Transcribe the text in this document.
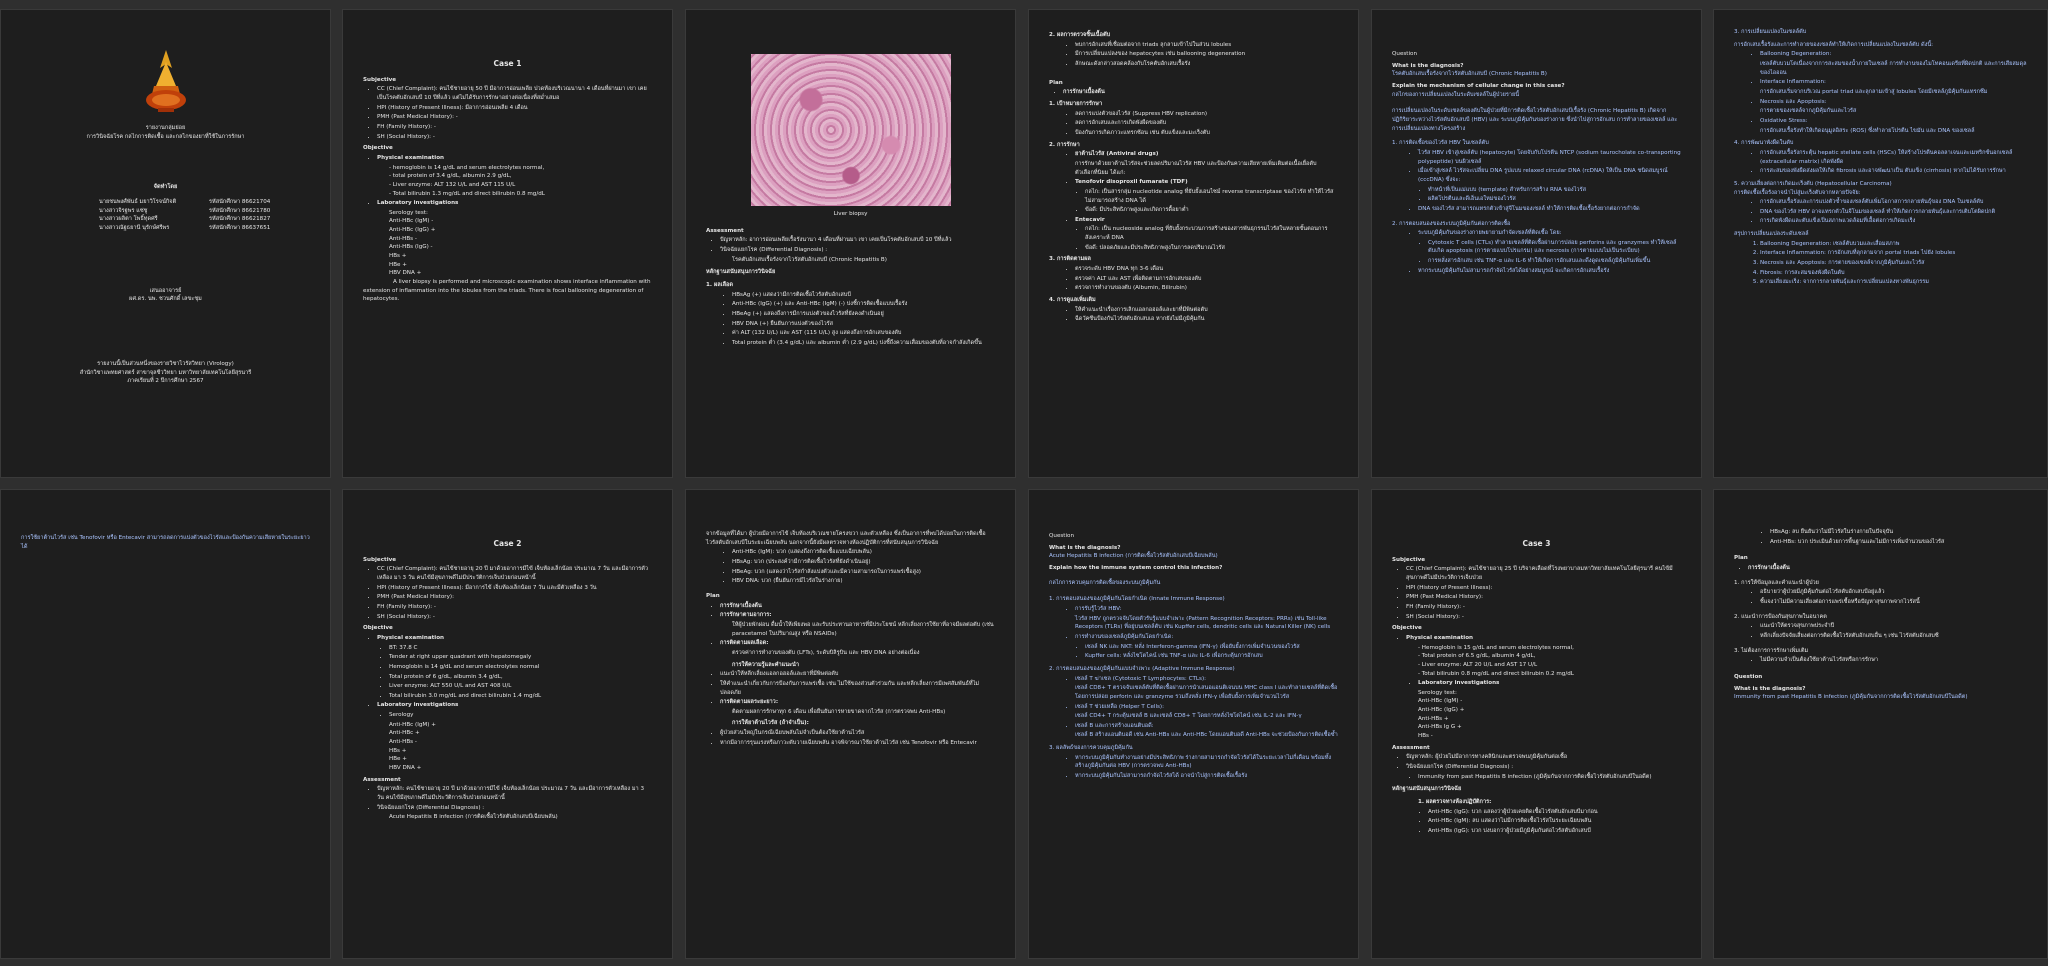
รายงานกลุ่มย่อย
การวินิจฉัยโรค กลไกการติดเชื้อ และกลไกของยาที่ใช้ในการรักษา
จัดทำโดย
นายชนพงศ์พันธ์ มยาวิโรจน์กิจติ	รหัสนักศึกษา 86621704
นางสาวจิรฐพร แซ่ชู	รหัสนักศึกษา 86621780
นางสาวผลิตา โพธิ์ทุดศรี	รหัสนักศึกษา 86621827
นางสาวณัฐธยานี นุรักษ์ศรีพร	รหัสนักศึกษา 86637651
เสนออาจารย์
ผศ.ดร. นพ. ชวนศักดิ์ เลขะชุม
รายงานนี้เป็นส่วนหนึ่งของรายวิชาไวรัสวิทยา (Virology)
สำนักวิชาแพทยศาสตร์ สาขาจุลชีววิทยา มหาวิทยาลัยเทคโนโลยีสุรนารี
ภาคเรียนที่ 2 ปีการศึกษา 2567
Case 1
Subjective
• CC (Chief Complaint): คนไข้ชายอายุ 50 ปี มีอาการอ่อนเพลีย ปวดท้องบริเวณนานา 4 เดือนที่ผ่านมา เขา เคยเป็นโรคตับอักเสบบี 10 ปีที่แล้ว แต่ไม่ได้รับการรักษาอย่างต่อเนื่องที่สม่ำเสมอ
• HPI (History of Present Illness): มีอาการอ่อนเพลีย 4 เดือน
• PMH (Past Medical History): -
• FH (Family History): -
• SH (Social History): -
Objective
• Physical examination
- hemoglobin is 14 g/dL and serum electrolytes normal,
- total protein of 3.4 g/dL, albumin 2.9 g/dL,
- Liver enzyme: ALT 132 U/L and AST 115 U/L
- Total bilirubin 1.3 mg/dL and direct bilirubin 0.8 mg/dL
• Laboratory investigations
Serology test:
Anti-HBc (IgM) -
Anti-HBc (IgG) +
Anti-HBs -
Anti-HBs (IgG) -
HBs +
HBe +
HBV DNA +
A liver biopsy is performed and microscopic examination shows interface inflammation with extension of inflammation into the lobules from the triads. There is focal ballooning degeneration of hepatocytes.
Liver biopsy
Assessment
• ปัญหาหลัก: อาการอ่อนเพลียเรื้อรังนานา 4 เดือนที่ผ่านมา เขา เคยเป็นโรคตับอักเสบบี 10 ปีที่แล้ว
• วินิจฉัยแยกโรค (Differential Diagnosis) :
โรคตับอักเสบเรื้อรังจากไวรัสตับอักเสบบี (Chronic Hepatitis B)
หลักฐานสนับสนุนการวินิจฉัย
1. ผลเลือด
• HBsAg (+) แสดงว่ามีการติดเชื้อไวรัสตับอักเสบบี
• Anti-HBc (IgG) (+) และ Anti-HBc (IgM) (-) บ่งชี้การติดเชื้อแบบเรื้อรัง
• HBeAg (+) แสดงถึงการมีการแบ่งตัวของไวรัสที่ยังคงดำเนินอยู่
• HBV DNA (+) ยืนยันการแบ่งตัวของไวรัส
• ค่า ALT (132 U/L) และ AST (115 U/L) สูง แสดงถึงการอักเสบของตับ
• Total protein ต่ำ (3.4 g/dL) และ albumin ต่ำ (2.9 g/dL) บ่งชี้ถึงความเสื่อมของตับที่อาจกำลังเกิดขึ้น
2. ผลการตรวจชิ้นเนื้อตับ
• พบการอักเสบที่เชื่อมต่อจาก triads ลุกลามเข้าไปในส่วน lobules
• มีการเปลี่ยนแปลงของ hepatocytes เช่น ballooning degeneration
• ลักษณะดังกล่าวสอดคล้องกับโรคตับอักเสบเรื้อรัง
Plan
• การรักษาเบื้องต้น
1. เป้าหมายการรักษา
• ลดการแบ่งตัวของไวรัส (Suppress HBV replication)
• ลดการอักเสบและการเกิดพังผืดของตับ
• ป้องกันการเกิดภาวะแทรกซ้อน เช่น ตับแข็งและมะเร็งตับ
2. การรักษา
• ยาต้านไวรัส (Antiviral drugs)
การรักษาด้วยยาต้านไวรัสจะช่วยลดปริมาณไวรัส HBV และป้องกันความเสียหายเพิ่มเติมต่อเนื้อเยื่อตับ
ตัวเลือกที่นิยม ได้แก่:
• Tenofovir disoproxil fumarate (TDF)
• กลไก: เป็นสารกลุ่ม nucleotide analog ที่ยับยั้งเอนไซม์ reverse transcriptase ของไวรัส ทำให้ไวรัสไม่สามารถสร้าง DNA ได้
• ข้อดี: มีประสิทธิภาพสูงและเกิดการดื้อยาต่ำ
• Entecavir
• กลไก: เป็น nucleoside analog ที่ยับยั้งกระบวนการสร้างของสารพันธุกรรมไวรัสในหลายขั้นตอนการสังเคราะห์ DNA
• ข้อดี: ปลอดภัยและมีประสิทธิภาพสูงในการลดปริมาณไวรัส
3. การติดตามผล
• ตรวจระดับ HBV DNA ทุก 3-6 เดือน
• ตรวจค่า ALT และ AST เพื่อติดตามการอักเสบของตับ
• ตรวจการทำงานของตับ (Albumin, Bilirubin)
4. การดูแลเพิ่มเติม
• ให้คำแนะนำเรื่องการเลิกแอลกอฮอล์และยาที่มีพิษต่อตับ
• ฉีดวัคซีนป้องกันไวรัสตับอักเสบเอ หากยังไม่มีภูมิคุ้มกัน
Question
What is the diagnosis?
โรคตับอักเสบเรื้อรังจากไวรัสตับอักเสบบี (Chronic Hepatitis B)
Explain the mechanism of cellular change in this case?
กลไกของการเปลี่ยนแปลงในระดับเซลล์ในผู้ป่วยรายนี้
การเปลี่ยนแปลงในระดับเซลล์ของตับในผู้ป่วยที่มีการติดเชื้อไวรัสตับอักเสบบีเรื้อรัง (Chronic Hepatitis B) เกิดจากปฏิกิริยาระหว่างไวรัสตับอักเสบบี (HBV) และ ระบบภูมิคุ้มกันของร่างกาย ซึ่งนำไปสู่การอักเสบ การทำลายของเซลล์ และการเปลี่ยนแปลงทางโครงสร้าง
1. การติดเชื้อของไวรัส HBV ในเซลล์ตับ
• ไวรัส HBV เข้าสู่เซลล์ตับ (hepatocyte) โดยจับกับโปรตีน NTCP (sodium taurocholate co-transporting polypeptide) บนผิวเซลล์
• เมื่อเข้าสู่เซลล์ ไวรัสจะเปลี่ยน DNA รูปแบบ relaxed circular DNA (rcDNA) ให้เป็น DNA ชนิดสมบูรณ์ (cccDNA) ซึ่งจะ:
• ทำหน้าที่เป็นแม่แบบ (template) สำหรับการสร้าง RNA ของไวรัส
• ผลิตโปรตีนและดีเอ็นเอใหม่ของไวรัส
• DNA ของไวรัส สามารถแทรกตัวเข้าสู่จีโนมของเซลล์ ทำให้การติดเชื้อเรื้อรังยากต่อการกำจัด
2. การตอบสนองของระบบภูมิคุ้มกันต่อการติดเชื้อ
• ระบบภูมิคุ้มกันของร่างกายพยายามกำจัดเซลล์ที่ติดเชื้อ โดย:
• Cytotoxic T cells (CTLs) ทำลายเซลล์ที่ติดเชื้อผ่านการปล่อย perforins และ granzymes ทำให้เซลล์ตับเกิด apoptosis (การตายแบบโปรแกรม) และ necrosis (การตายแบบไม่เป็นระเบียบ)
• การหลั่งสารอักเสบ เช่น TNF-α และ IL-6 ทำให้เกิดการอักเสบและดึงดูดเซลล์ภูมิคุ้มกันเพิ่มขึ้น
• หากระบบภูมิคุ้มกันไม่สามารถกำจัดไวรัสได้อย่างสมบูรณ์ จะเกิดการอักเสบเรื้อรัง
3. การเปลี่ยนแปลงในเซลล์ตับ
การอักเสบเรื้อรังและการทำลายของเซลล์ทำให้เกิดการเปลี่ยนแปลงในเซลล์ตับ ดังนี้:
• Ballooning Degeneration:
เซลล์ตับบวมโตเนื่องจากการสะสมของน้ำภายในเซลล์ การทำงานของไมโทคอนเดรียที่ผิดปกติ และการเสียสมดุลของไอออน
• Interface Inflammation:
การอักเสบเริ่มจากบริเวณ portal triad และลุกลามเข้าสู่ lobules โดยมีเซลล์ภูมิคุ้มกันแทรกซึม
• Necrosis และ Apoptosis:
การตายของเซลล์จากภูมิคุ้มกันและไวรัส
• Oxidative Stress:
การอักเสบเรื้อรังทำให้เกิดอนุมูลอิสระ (ROS) ซึ่งทำลายโปรตีน ไขมัน และ DNA ของเซลล์
4. การพัฒนาพังผืดในตับ
• การอักเสบเรื้อรังกระตุ้น hepatic stellate cells (HSCs) ให้สร้างโปรตีนคอลลาเจนและเมทริกซ์นอกเซลล์ (extracellular matrix) เกิดพังผืด
• การสะสมของพังผืดส่งผลให้เกิด fibrosis และอาจพัฒนาเป็น ตับแข็ง (cirrhosis) หากไม่ได้รับการรักษา
5. ความเสี่ยงต่อการเกิดมะเร็งตับ (Hepatocellular Carcinoma)
การติดเชื้อเรื้อรังอาจนำไปสู่มะเร็งตับจากหลายปัจจัย:
• การอักเสบเรื้อรังและการแบ่งตัวซ้ำของเซลล์ตับเพิ่มโอกาสการกลายพันธุ์ของ DNA ในเซลล์ตับ
• DNA ของไวรัส HBV อาจแทรกตัวในจีโนมของเซลล์ ทำให้เกิดการกลายพันธุ์และการเติบโตผิดปกติ
• การเกิดพังผืดและตับแข็งเป็นสภาพแวดล้อมที่เอื้อต่อการเกิดมะเร็ง
สรุปการเปลี่ยนแปลงระดับเซลล์
1. Ballooning Degeneration: เซลล์ตับบวมและเสื่อมสภาพ
2. Interface Inflammation: การอักเสบที่ลุกลามจาก portal triads ไปยัง lobules
3. Necrosis และ Apoptosis: การตายของเซลล์จากภูมิคุ้มกันและไวรัส
4. Fibrosis: การสะสมของพังผืดในตับ
5. ความเสี่ยงมะเร็ง: จากการกลายพันธุ์และการเปลี่ยนแปลงทางพันธุกรรม
การใช้ยาต้านไวรัส เช่น Tenofovir หรือ Entecavir สามารถลดการแบ่งตัวของไวรัสและป้องกันความเสียหายในระยะยาวได้	Case 2
Subjective
• CC (Chief Complaint): คนไข้ชายอายุ 20 ปี มาด้วยอาการมีไข้ เจ็บท้องเล็กน้อย ประมาณ 7 วัน และมีอาการตัวเหลือง มา 3 วัน คนไข้มีสุขภาพดีไม่มีประวัติการเจ็บป่วยก่อนหน้านี้
• HPI (History of Present Illness): มีอาการไข้ เจ็บท้องเล็กน้อย 7 วัน และมีตัวเหลือง 3 วัน
• PMH (Past Medical History):
• FH (Family History): -
• SH (Social History): -
Objective
• Physical examination
• BT: 37.8 C
• Tender at right upper quadrant with hepatomegaly
• Hemoglobin is 14 g/dL and serum electrolytes normal
• Total protein of 6 g/dL, albumin 3.4 g/dL,
• Liver enzyme: ALT 550 U/L and AST 408 U/L
• Total bilirubin 3.0 mg/dL and direct bilirubin 1.4 mg/dL
• Laboratory investigations
• Serology
Anti-HBc (IgM) +
Anti-HBc +
Anti-HBs -
HBs +
HBe +
HBV DNA +
Assessment
• ปัญหาหลัก: คนไข้ชายอายุ 20 ปี มาด้วยอาการมีไข้ เจ็บท้องเล็กน้อย ประมาณ 7 วัน และมีอาการตัวเหลือง มา 3 วัน คนไข้มีสุขภาพดีไม่มีประวัติการเจ็บป่วยก่อนหน้านี้
• วินิจฉัยแยกโรค (Differential Diagnosis) :
Acute Hepatitis B infection (การติดเชื้อไวรัสตับอักเสบบีเฉียบพลัน)
จากข้อมูลที่ได้มา ผู้ป่วยมีอาการไข้ เจ็บท้องบริเวณชายโครงขวา และตัวเหลือง ซึ่งเป็นอาการที่พบได้บ่อยในการติดเชื้อไวรัสตับอักเสบบีในระยะเฉียบพลัน นอกจากนี้ยังมีผลตรวจทางห้องปฏิบัติการที่สนับสนุนการวินิจฉัย
• Anti-HBc (IgM): บวก (แสดงถึงการติดเชื้อแบบเฉียบพลัน)
• HBsAg: บวก (ประสงค์ว่ามีการติดเชื้อไวรัสที่ยังดำเนินอยู่)
• HBeAg: บวก (แสดงว่าไวรัสกำลังแบ่งตัวและมีความสามารถในการแพร่เชื้อสูง)
• HBV DNA: บวก (ยืนยันการมีไวรัสในร่างกาย)
Plan
• การรักษาเบื้องต้น
• การรักษาตามอาการ:
ให้ผู้ป่วยพักผ่อน ดื่มน้ำให้เพียงพอ และรับประทานอาหารที่มีประโยชน์ หลีกเลี่ยงการใช้ยาที่อาจมีผลต่อตับ (เช่น paracetamol ในปริมาณสูง หรือ NSAIDs)
• การติดตามผลเลือด:
ตรวจค่าการทำงานของตับ (LFTs), ระดับบิลิรูบิน และ HBV DNA อย่างต่อเนื่อง
การให้ความรู้และคำแนะนำ
• แนะนำให้หลีกเลี่ยงแอลกอฮอล์และยาที่มีพิษต่อตับ
• ให้คำแนะนำเกี่ยวกับการป้องกันการแพร่เชื้อ เช่น ไม่ใช้ของส่วนตัวร่วมกัน และหลีกเลี่ยงการมีเพศสัมพันธ์ที่ไม่ปลอดภัย
• การติดตามผลระยะยาว:
ติดตามผลการรักษาทุก 6 เดือน เพื่อยืนยันการหายขาดจากไวรัส (การตรวจพบ Anti-HBs)
การให้ยาต้านไวรัส (ถ้าจำเป็น):
• ผู้ป่วยส่วนใหญ่ในกรณีเฉียบพลันไม่จำเป็นต้องใช้ยาต้านไวรัส
• หากมีอาการรุนแรงหรือภาวะตับวายเฉียบพลัน อาจพิจารณาใช้ยาต้านไวรัส เช่น Tenofovir หรือ Entecavir
Question
What is the diagnosis?
Acute Hepatitis B infection (การติดเชื้อไวรัสตับอักเสบบีเฉียบพลัน)
Explain how the immune system control this infection?
กลไกการควบคุมการติดเชื้อของระบบภูมิคุ้มกัน
1. การตอบสนองของภูมิคุ้มกันโดยกำเนิด (Innate Immune Response)
• การรับรู้ไวรัส HBV:
ไวรัส HBV ถูกตรวจจับโดยตัวรับรู้แบบจำเพาะ (Pattern Recognition Receptors: PRRs) เช่น Toll-like Receptors (TLRs) ที่อยู่บนเซลล์ตับ เช่น Kupffer cells, dendritic cells และ Natural Killer (NK) cells
• การทำงานของเซลล์ภูมิคุ้มกันโดยกำเนิด:
• เซลล์ NK และ NKT: หลั่ง Interferon-gamma (IFN-γ) เพื่อยับยั้งการเพิ่มจำนวนของไวรัส
• Kupffer cells: หลั่งไซโตไคน์ เช่น TNF-α และ IL-6 เพื่อกระตุ้นการอักเสบ
2. การตอบสนองของภูมิคุ้มกันแบบจำเพาะ (Adaptive Immune Response)
• เซลล์ T ฆ่าเซล (Cytotoxic T Lymphocytes: CTLs):
เซลล์ CD8+ T ตรวจจับเซลล์ตับที่ติดเชื้อผ่านการนำเสนอแอนติเจนบน MHC class I และทำลายเซลล์ที่ติดเชื้อโดยการปล่อย perforin และ granzyme รวมถึงหลั่ง IFN-γ เพื่อยับยั้งการเพิ่มจำนวนไวรัส
• เซลล์ T ช่วยเหลือ (Helper T Cells):
เซลล์ CD4+ T กระตุ้นเซลล์ B และเซลล์ CD8+ T โดยการหลั่งไซโตไคน์ เช่น IL-2 และ IFN-γ
• เซลล์ B และการสร้างแอนติบอดี:
เซลล์ B สร้างแอนติบอดี เช่น Anti-HBs และ Anti-HBc โดยแอนติบอดี Anti-HBs จะช่วยป้องกันการติดเชื้อซ้ำ
3. ผลลัพธ์ของการควบคุมภูมิคุ้มกัน
• หากระบบภูมิคุ้มกันทำงานอย่างมีประสิทธิภาพ ร่างกายสามารถกำจัดไวรัสได้ในระยะเวลาไม่กี่เดือน พร้อมทั้งสร้างภูมิคุ้มกันต่อ HBV (การตรวจพบ Anti-HBs)
• หากระบบภูมิคุ้มกันไม่สามารถกำจัดไวรัสได้ อาจนำไปสู่การติดเชื้อเรื้อรัง
Case 3
Subjective
• CC (Chief Complaint): คนไข้ชายอายุ 25 ปี บริจาคเลือดที่โรงพยาบาลมหาวิทยาลัยเทคโนโลยีสุรนารี คนไข้มีสุขภาพดีไม่มีประวัติการเจ็บป่วย
• HPI (History of Present Illness):
• PMH (Past Medical History):
• FH (Family History): -
• SH (Social History): -
Objective
• Physical examination
- Hemoglobin is 15 g/dL and serum electrolytes normal,
- Total protein of 6.5 g/dL, albumin 4 g/dL,
- Liver enzyme: ALT 20 U/L and AST 17 U/L
- Total bilirubin 0.8 mg/dL and direct bilirubin 0.2 mg/dL
• Laboratory investigations
Serology test:
Anti-HBc (IgM) -
Anti-HBc (IgG) +
Anti-HBs +
Anti-HBs Ig G +
HBs -
Assessment
• ปัญหาหลัก: ผู้ป่วยไม่มีอาการทางคลินิกและตรวจพบภูมิคุ้มกันต่อเชื้อ
• วินิจฉัยแยกโรค (Differential Diagnosis) :
• Immunity from past Hepatitis B infection (ภูมิคุ้มกันจากการติดเชื้อไวรัสตับอักเสบบีในอดีต)
หลักฐานสนับสนุนการวินิจฉัย
1. ผลตรวจทางห้องปฏิบัติการ:
• Anti-HBc (IgG): บวก แสดงว่าผู้ป่วยเคยติดเชื้อไวรัสตับอักเสบบีมาก่อน
• Anti-HBc (IgM): ลบ แสดงว่าไม่มีการติดเชื้อไวรัสในระยะเฉียบพลัน
• Anti-HBs (IgG): บวก บ่งบอกว่าผู้ป่วยมีภูมิคุ้มกันต่อไวรัสตับอักเสบบี
• HBsAg: ลบ ยืนยันว่าไม่มีไวรัสในร่างกายในปัจจุบัน
• Anti-HBs: บวก ประเมินด้วยการพื้นฐานและไม่มีการเพิ่มจำนวนของไวรัส
Plan
• การรักษาเบื้องต้น
1. การให้ข้อมูลและคำแนะนำผู้ป่วย
• อธิบายว่าผู้ป่วยมีภูมิคุ้มกันต่อไวรัสตับอักเสบบีอยู่แล้ว
• ชี้แจงว่าไม่มีความเสี่ยงต่อการแพร่เชื้อหรือปัญหาสุขภาพจากไวรัสนี้
2. แนะนำการป้องกันสุขภาพในอนาคต
• แนะนำให้ตรวจสุขภาพประจำปี
• หลีกเลี่ยงปัจจัยเสี่ยงต่อการติดเชื้อไวรัสตับอักเสบอื่น ๆ เช่น ไวรัสตับอักเสบซี
3. ไม่ต้องการการรักษาเพิ่มเติม
• ไม่มีความจำเป็นต้องใช้ยาต้านไวรัสหรือการรักษา
Question
What is the diagnosis?
Immunity from past Hepatitis B infection (ภูมิคุ้มกันจากการติดเชื้อไวรัสตับอักเสบบีในอดีต)
